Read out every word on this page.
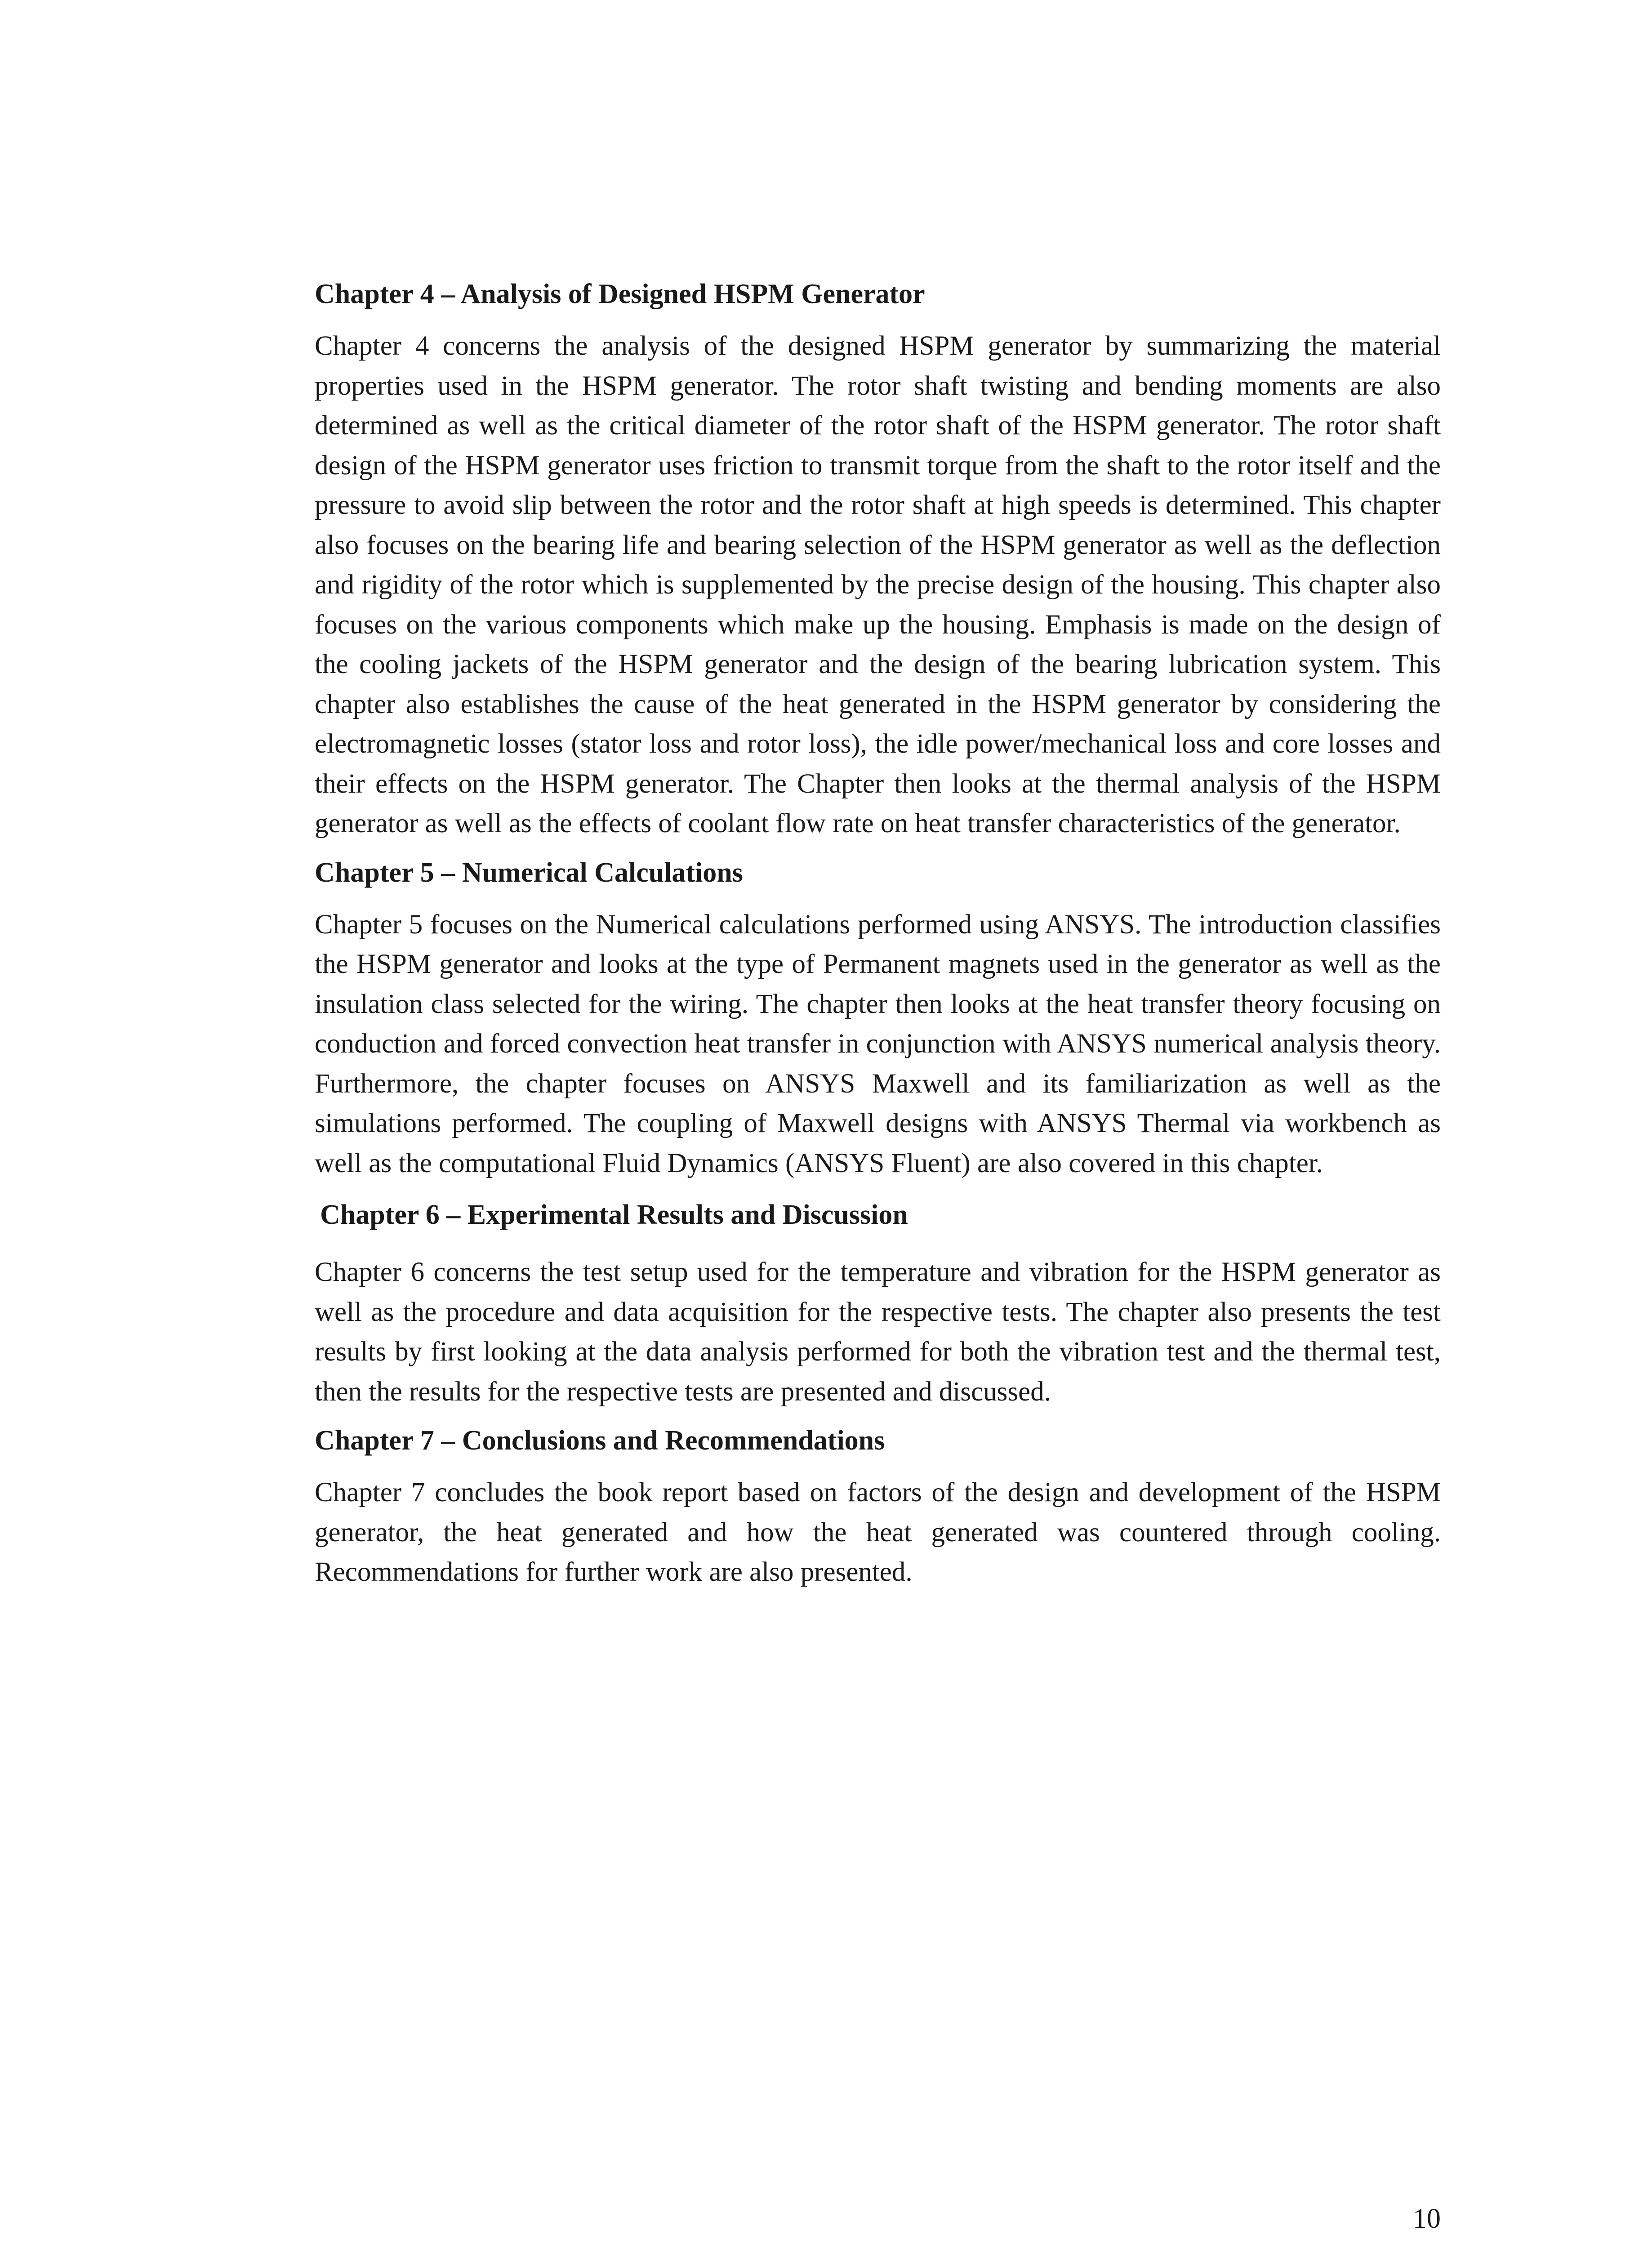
Chapter 4 – Analysis of Designed HSPM Generator

Chapter 4 concerns the analysis of the designed HSPM generator by summarizing the material properties used in the HSPM generator. The rotor shaft twisting and bending moments are also determined as well as the critical diameter of the rotor shaft of the HSPM generator. The rotor shaft design of the HSPM generator uses friction to transmit torque from the shaft to the rotor itself and the pressure to avoid slip between the rotor and the rotor shaft at high speeds is determined. This chapter also focuses on the bearing life and bearing selection of the HSPM generator as well as the deflection and rigidity of the rotor which is supplemented by the precise design of the housing. This chapter also focuses on the various components which make up the housing. Emphasis is made on the design of the cooling jackets of the HSPM generator and the design of the bearing lubrication system. This chapter also establishes the cause of the heat generated in the HSPM generator by considering the electromagnetic losses (stator loss and rotor loss), the idle power/mechanical loss and core losses and their effects on the HSPM generator. The Chapter then looks at the thermal analysis of the HSPM generator as well as the effects of coolant flow rate on heat transfer characteristics of the generator.

Chapter 5 – Numerical Calculations

Chapter 5 focuses on the Numerical calculations performed using ANSYS. The introduction classifies the HSPM generator and looks at the type of Permanent magnets used in the generator as well as the insulation class selected for the wiring. The chapter then looks at the heat transfer theory focusing on conduction and forced convection heat transfer in conjunction with ANSYS numerical analysis theory. Furthermore, the chapter focuses on ANSYS Maxwell and its familiarization as well as the simulations performed. The coupling of Maxwell designs with ANSYS Thermal via workbench as well as the computational Fluid Dynamics (ANSYS Fluent) are also covered in this chapter.

Chapter 6 – Experimental Results and Discussion

Chapter 6 concerns the test setup used for the temperature and vibration for the HSPM generator as well as the procedure and data acquisition for the respective tests. The chapter also presents the test results by first looking at the data analysis performed for both the vibration test and the thermal test, then the results for the respective tests are presented and discussed.

Chapter 7 – Conclusions and Recommendations

Chapter 7 concludes the book report based on factors of the design and development of the HSPM generator, the heat generated and how the heat generated was countered through cooling. Recommendations for further work are also presented.

10
